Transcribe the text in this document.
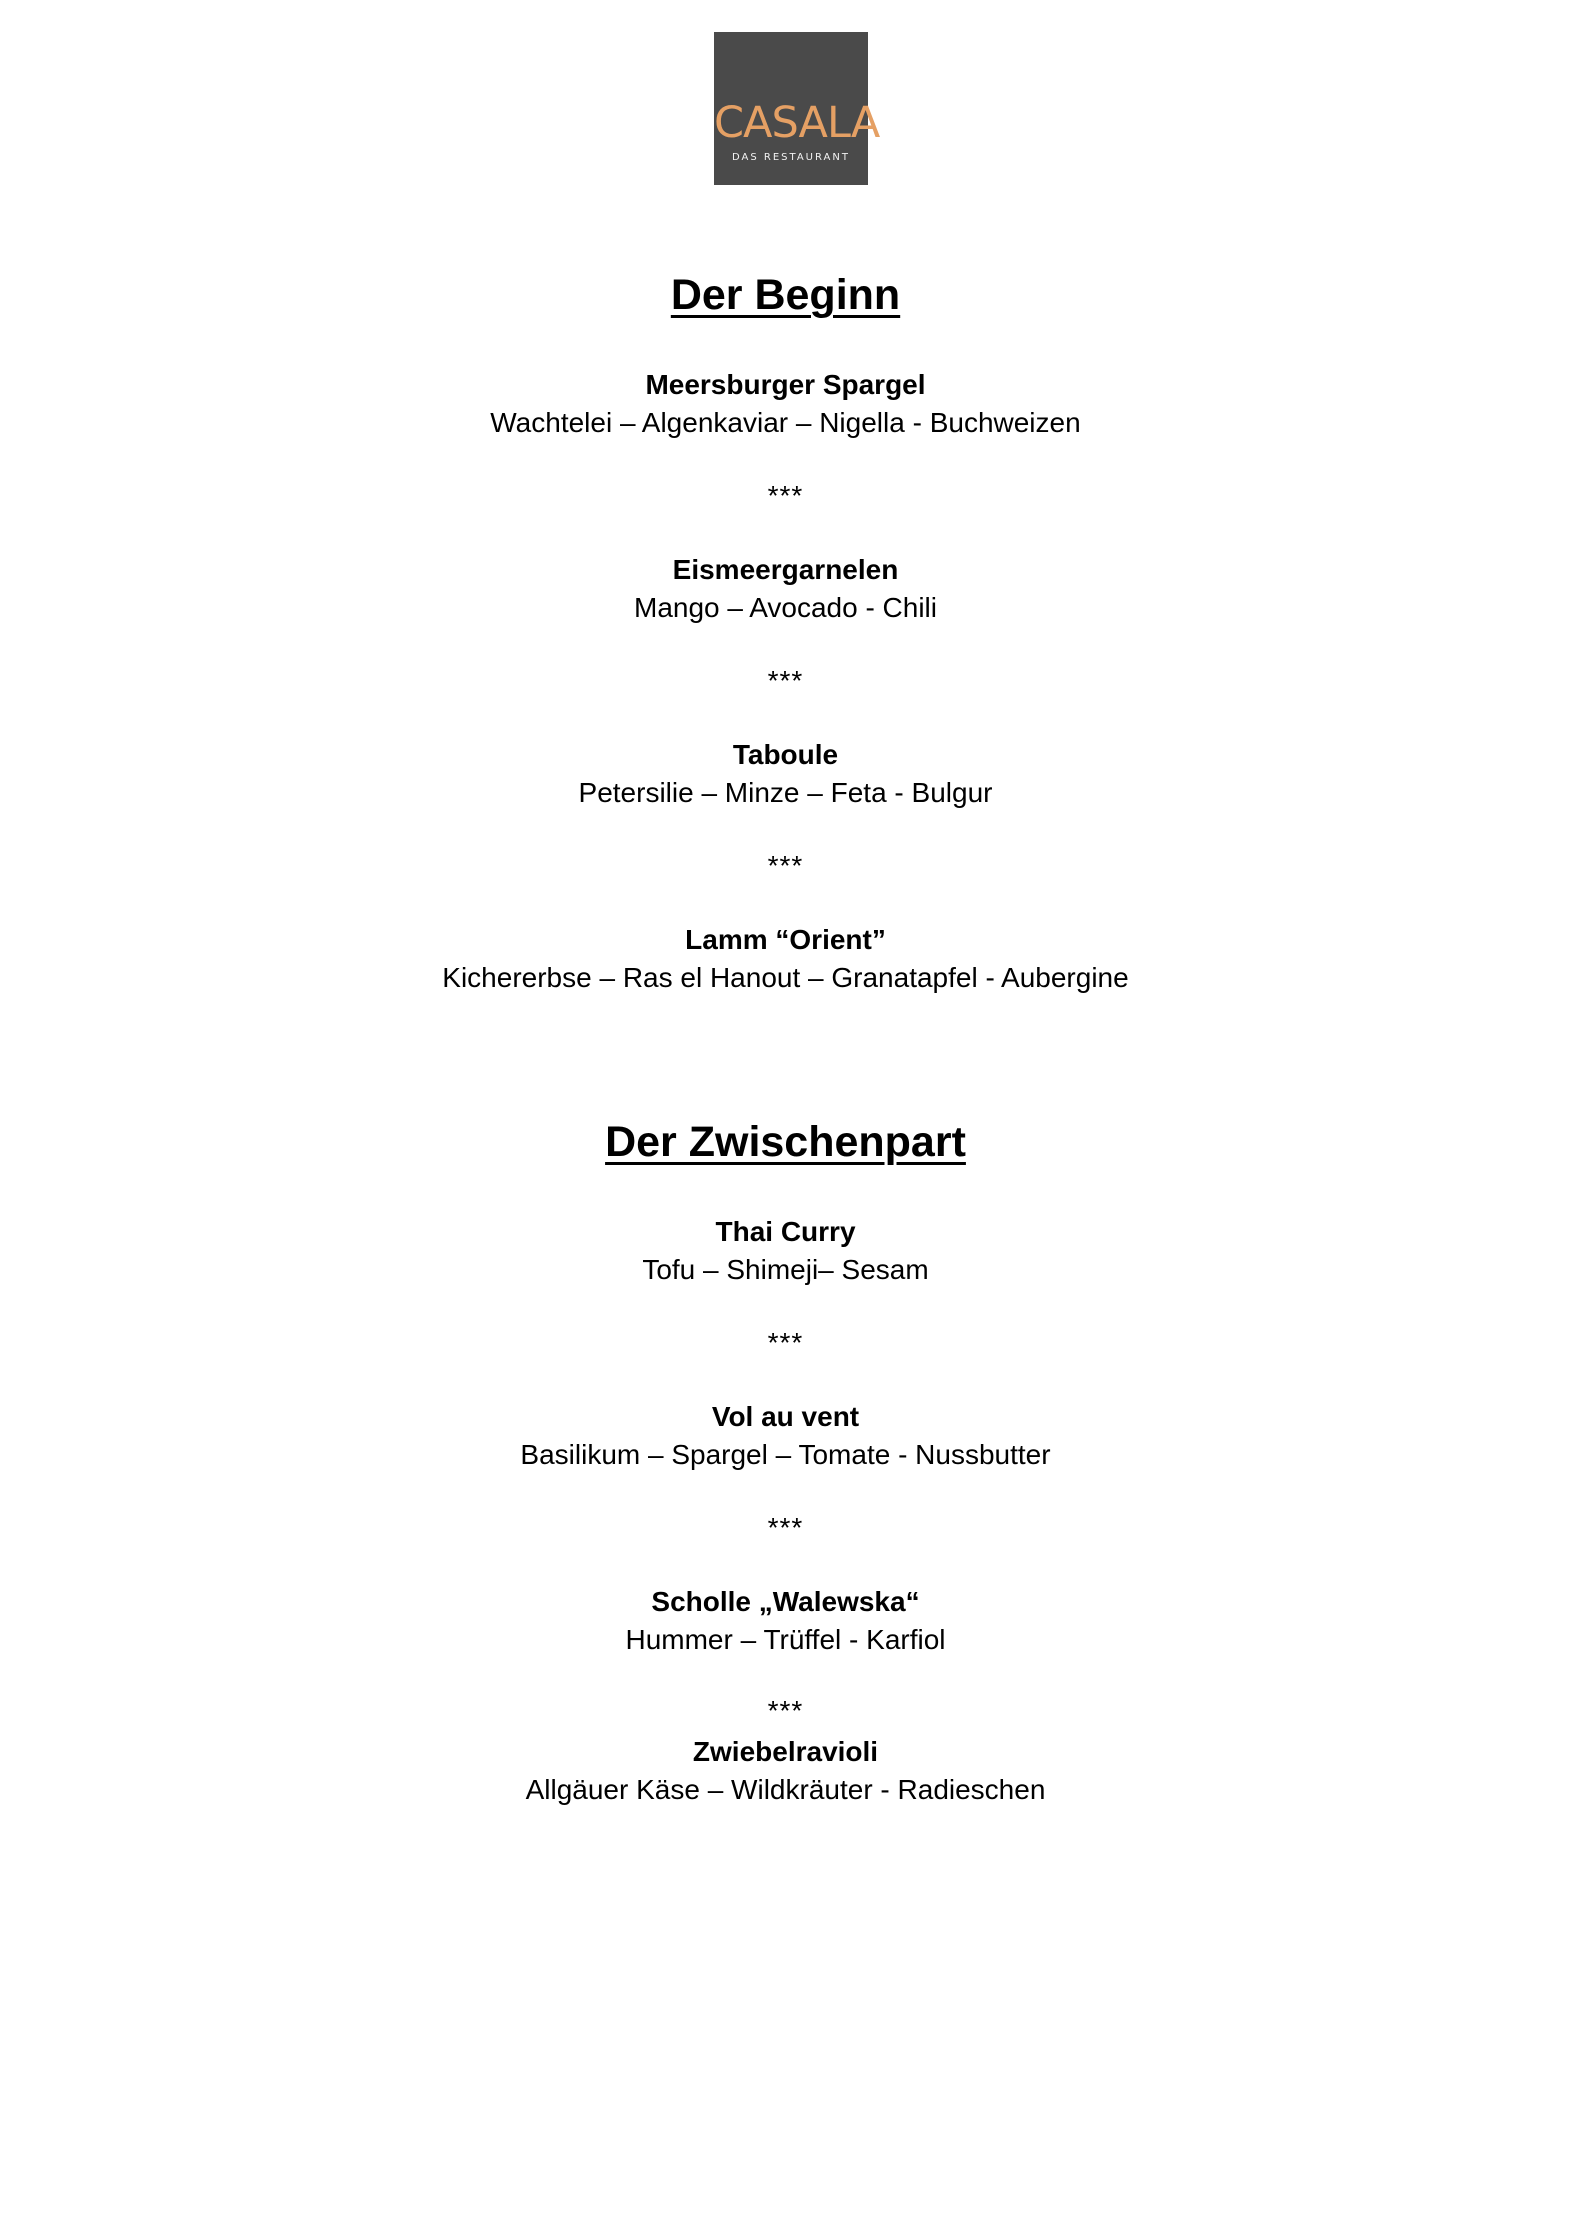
CASALA
DAS RESTAURANT
Der Beginn
Meersburger Spargel
Wachtelei – Algenkaviar – Nigella - Buchweizen
***
Eismeergarnelen
Mango – Avocado - Chili
***
Taboule
Petersilie – Minze – Feta - Bulgur
***
Lamm “Orient”
Kichererbse – Ras el Hanout – Granatapfel - Aubergine
Der Zwischenpart
Thai Curry
Tofu – Shimeji– Sesam
***
Vol au vent
Basilikum – Spargel – Tomate - Nussbutter
***
Scholle „Walewska“
Hummer – Trüffel - Karfiol
***
Zwiebelravioli
Allgäuer Käse – Wildkräuter - Radieschen
